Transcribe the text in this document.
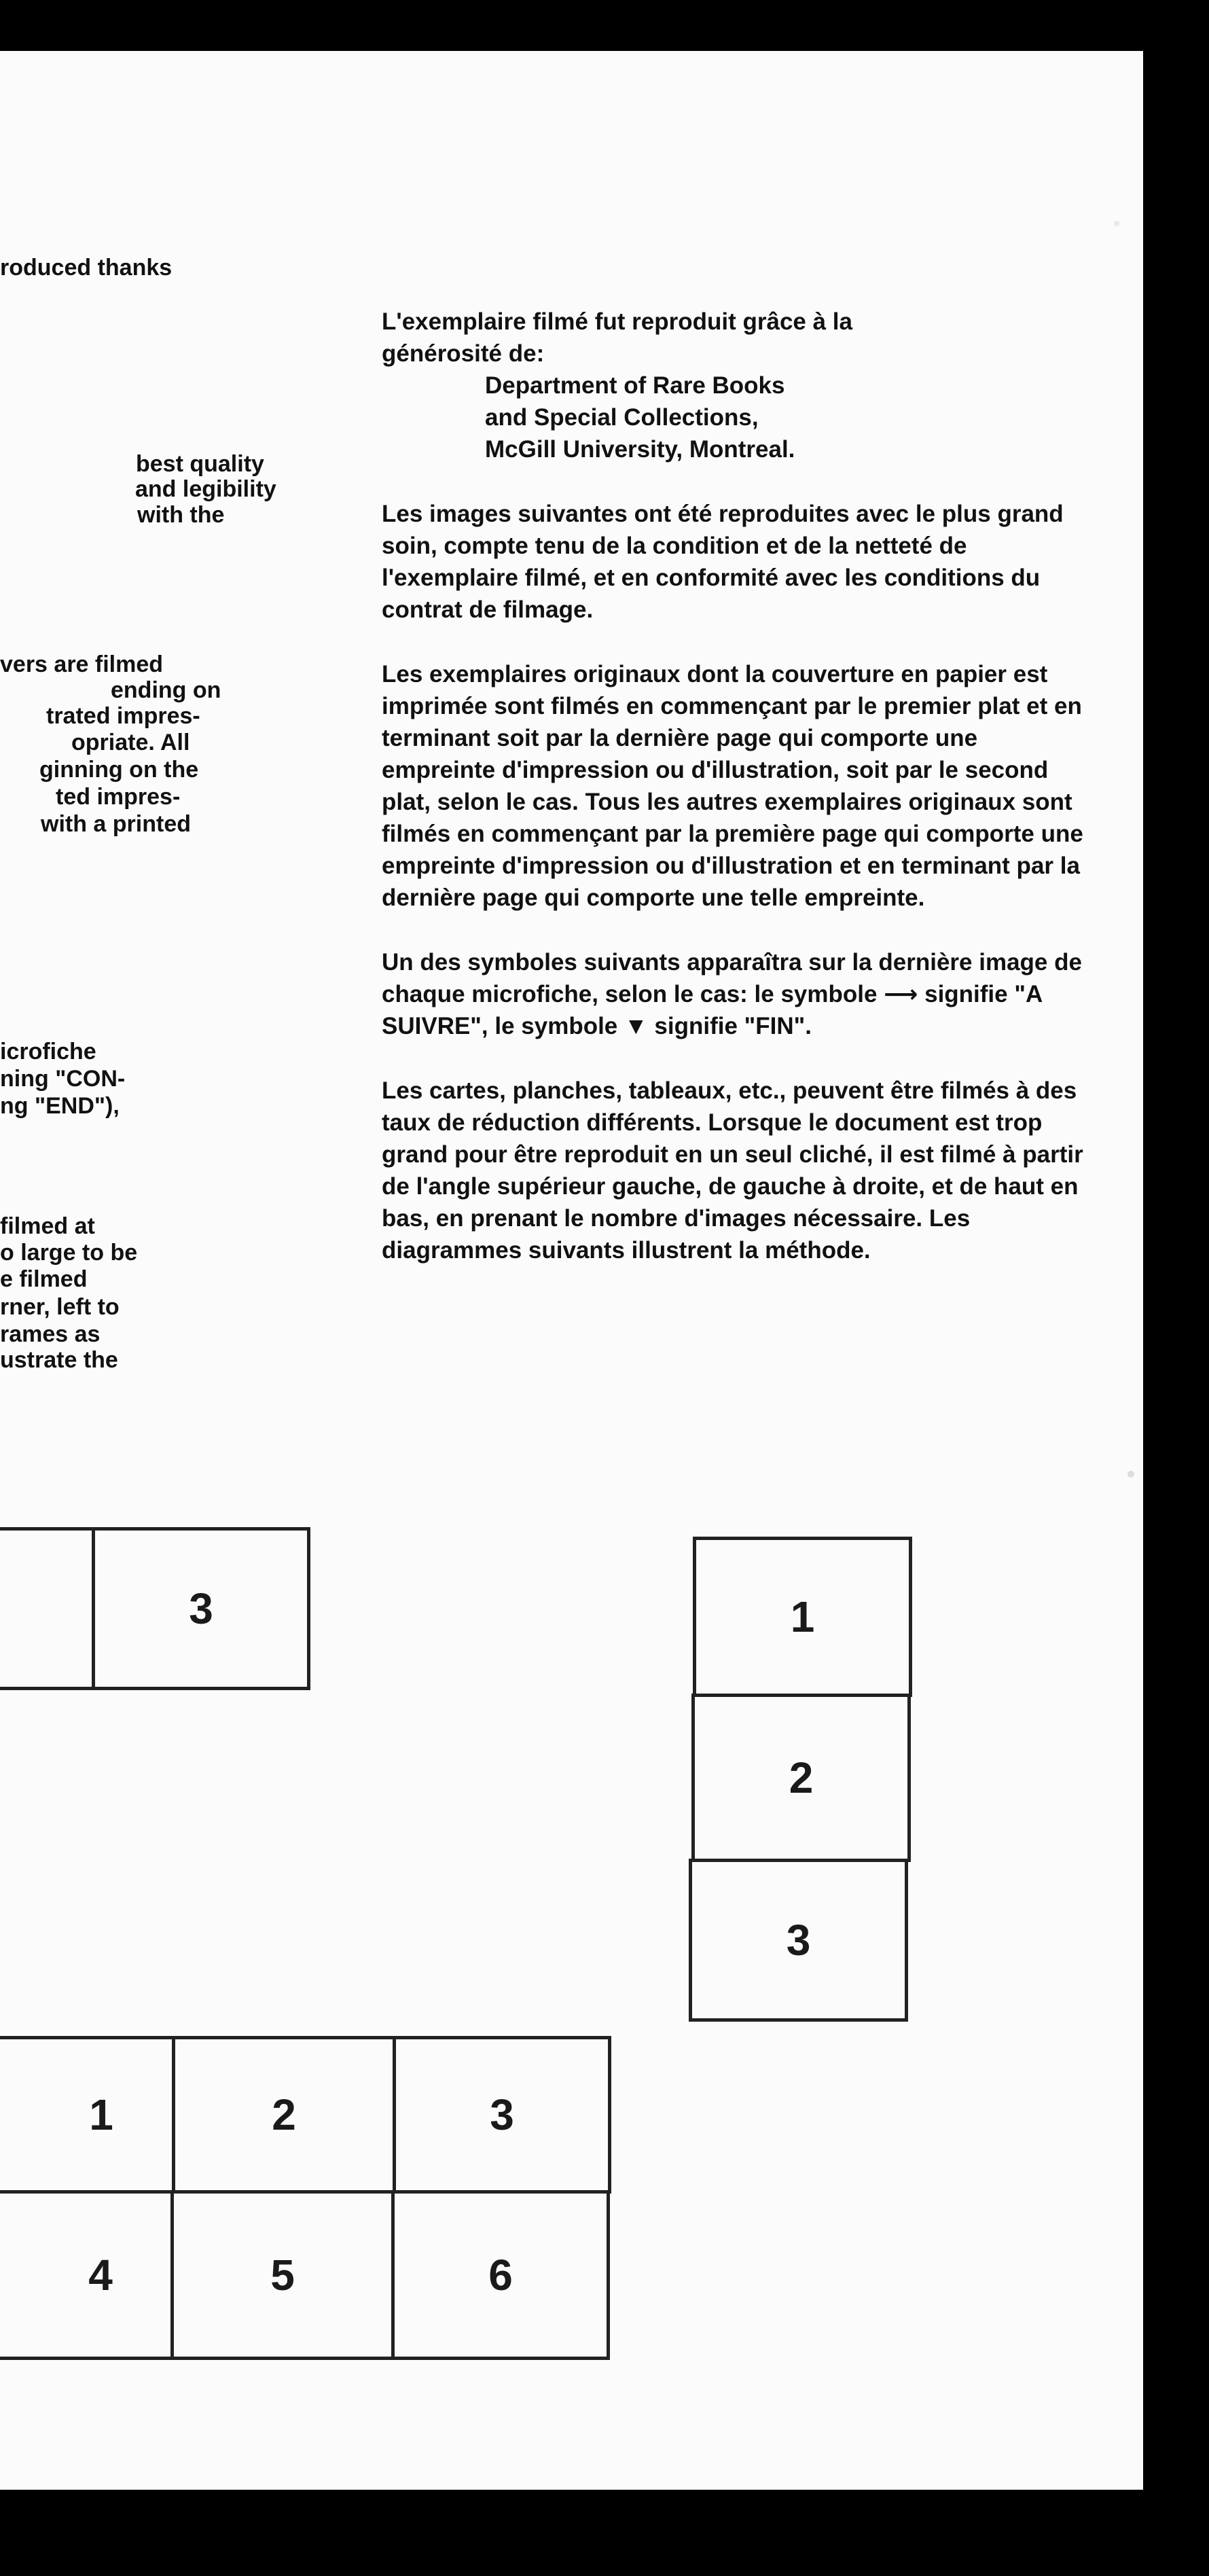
roduced thanks
best quality
and legibility
with the
vers are filmed
ending on
trated impres-
opriate. All
ginning on the
ted impres-
with a printed
icrofiche
ning "CON-
ng "END"),
filmed at
o large to be
e filmed
rner, left to
rames as
ustrate the

L'exemplaire filmé fut reproduit grâce à la
générosité de:
Department of Rare Books
and Special Collections,
McGill University, Montreal.

Les images suivantes ont été reproduites avec le plus grand soin, compte tenu de la condition et de la netteté de l'exemplaire filmé, et en conformité avec les conditions du contrat de filmage.

Les exemplaires originaux dont la couverture en papier est imprimée sont filmés en commençant par le premier plat et en terminant soit par la dernière page qui comporte une empreinte d'impression ou d'illustration, soit par le second plat, selon le cas. Tous les autres exemplaires originaux sont filmés en commençant par la première page qui comporte une empreinte d'impression ou d'illustration et en terminant par la dernière page qui comporte une telle empreinte.

Un des symboles suivants apparaîtra sur la dernière image de chaque microfiche, selon le cas: le symbole ⟶ signifie "A SUIVRE", le symbole ▼ signifie "FIN".

Les cartes, planches, tableaux, etc., peuvent être filmés à des taux de réduction différents. Lorsque le document est trop grand pour être reproduit en un seul cliché, il est filmé à partir de l'angle supérieur gauche, de gauche à droite, et de haut en bas, en prenant le nombre d'images nécessaire. Les diagrammes suivants illustrent la méthode.

3	1
2
3
1	2	3
4	5	6
